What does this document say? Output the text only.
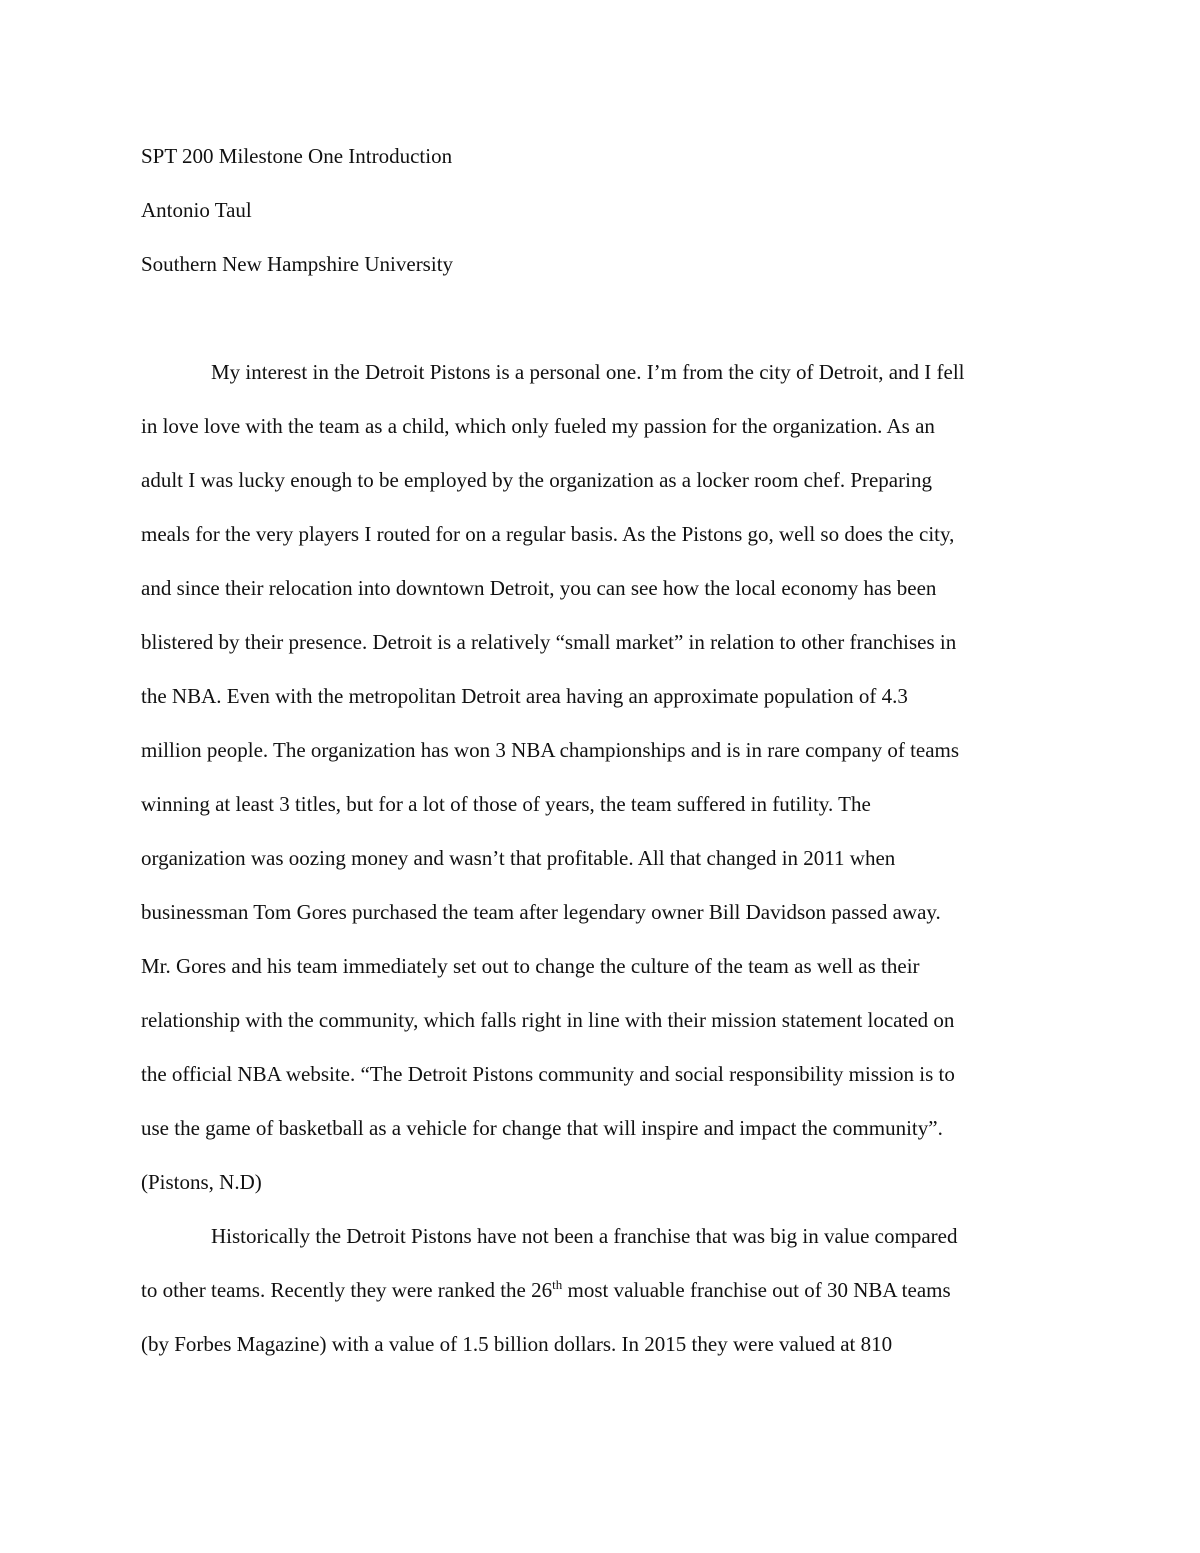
SPT 200 Milestone One Introduction
Antonio Taul
Southern New Hampshire University
My interest in the Detroit Pistons is a personal one. I’m from the city of Detroit, and I fell
in love love with the team as a child, which only fueled my passion for the organization. As an
adult I was lucky enough to be employed by the organization as a locker room chef. Preparing
meals for the very players I routed for on a regular basis. As the Pistons go, well so does the city,
and since their relocation into downtown Detroit, you can see how the local economy has been
blistered by their presence. Detroit is a relatively “small market” in relation to other franchises in
the NBA. Even with the metropolitan Detroit area having an approximate population of 4.3
million people. The organization has won 3 NBA championships and is in rare company of teams
winning at least 3 titles, but for a lot of those of years, the team suffered in futility. The
organization was oozing money and wasn’t that profitable. All that changed in 2011 when
businessman Tom Gores purchased the team after legendary owner Bill Davidson passed away.
Mr. Gores and his team immediately set out to change the culture of the team as well as their
relationship with the community, which falls right in line with their mission statement located on
the official NBA website. “The Detroit Pistons community and social responsibility mission is to
use the game of basketball as a vehicle for change that will inspire and impact the community”.
(Pistons, N.D)
Historically the Detroit Pistons have not been a franchise that was big in value compared
to other teams. Recently they were ranked the 26th most valuable franchise out of 30 NBA teams
(by Forbes Magazine) with a value of 1.5 billion dollars. In 2015 they were valued at 810
